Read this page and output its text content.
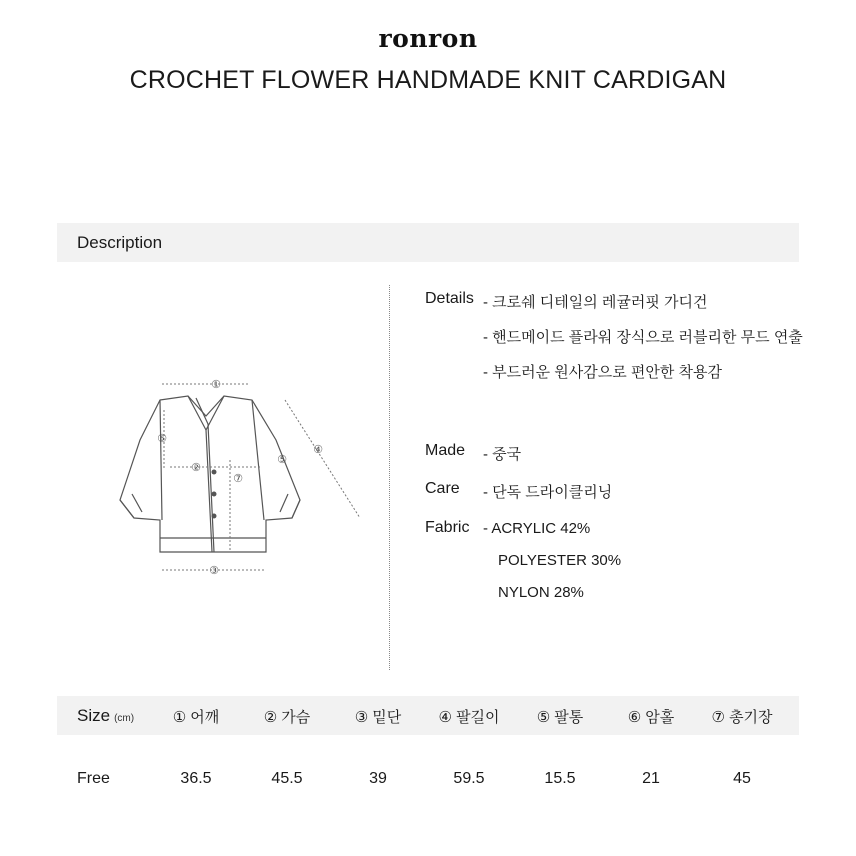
ronron
CROCHET FLOWER HANDMADE KNIT CARDIGAN
Description
①
②
③
④
⑤
⑥
⑦
Details - 크로쉐 디테일의 레귤러핏 가디건
- 핸드메이드 플라워 장식으로 러블리한 무드 연출
- 부드러운 원사감으로 편안한 착용감
Made - 중국
Care - 단독 드라이클리닝
Fabric - ACRYLIC 42%
POLYESTER 30%
NYLON 28%
Size (cm)	① 어깨	② 가슴	③ 밑단	④ 팔길이	⑤ 팔통	⑥ 암홀	⑦ 총기장
Free	36.5	45.5	39	59.5	15.5	21	45
